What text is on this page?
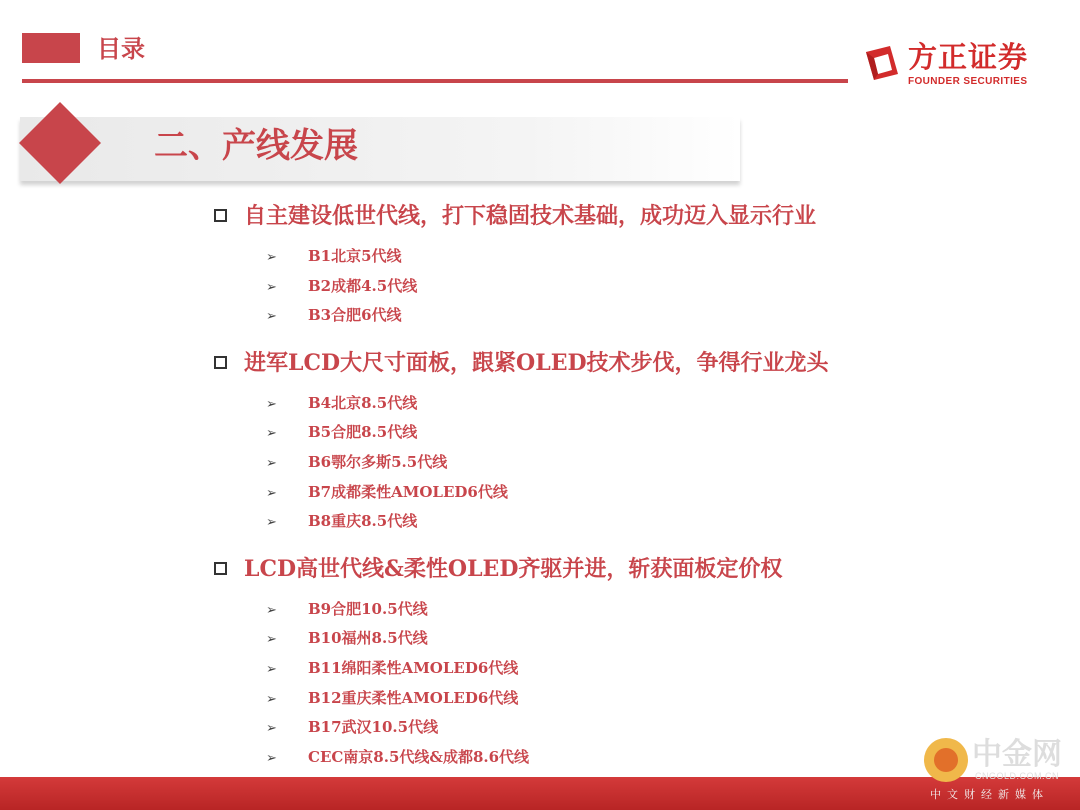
目录	方正证券
FOUNDER SECURITIES
二、产线发展
自主建设低世代线，打下稳固技术基础，成功迈入显示行业
➢ B1北京5代线
➢ B2成都4.5代线
➢ B3合肥6代线
进军LCD大尺寸面板，跟紧OLED技术步伐，争得行业龙头
➢ B4北京8.5代线
➢ B5合肥8.5代线
➢ B6鄂尔多斯5.5代线
➢ B7成都柔性AMOLED6代线
➢ B8重庆8.5代线
LCD高世代线&柔性OLED齐驱并进，斩获面板定价权
➢ B9合肥10.5代线
➢ B10福州8.5代线
➢ B11绵阳柔性AMOLED6代线
➢ B12重庆柔性AMOLED6代线
➢ B17武汉10.5代线
➢ CEC南京8.5代线&成都8.6代线	中金网
CNGOLD.COM.CN
中文财经新媒体
